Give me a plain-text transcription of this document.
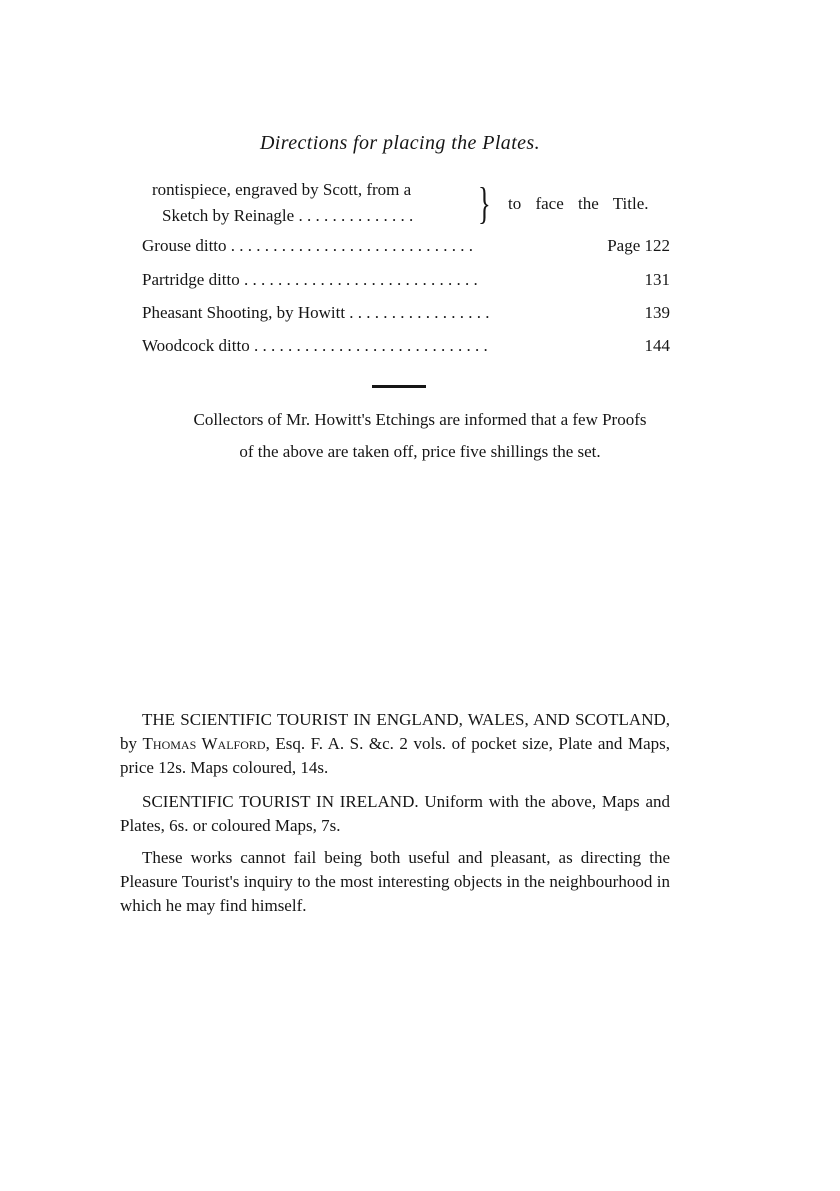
Directions for placing the Plates.
rontispiece, engraved by Scott, from a
Sketch by Reinagle . . . . . . . . . . . . . . } to face the Title.
Grouse ditto . . . . . . . . . . . . . . . . . . . . . . . . . . . . .	Page 122
Partridge ditto . . . . . . . . . . . . . . . . . . . . . . . . . . . .	131
Pheasant Shooting, by Howitt . . . . . . . . . . . . . . . . .	139
Woodcock ditto . . . . . . . . . . . . . . . . . . . . . . . . . . . .	144
Collectors of Mr. Howitt's Etchings are informed that a few Proofs
of the above are taken off, price five shillings the set.
THE SCIENTIFIC TOURIST IN ENGLAND, WALES, AND SCOTLAND, by Thomas Walford, Esq. F. A. S. &c. 2 vols. of pocket size, Plate and Maps, price 12s. Maps coloured, 14s.
SCIENTIFIC TOURIST IN IRELAND. Uniform with the above, Maps and Plates, 6s. or coloured Maps, 7s.
These works cannot fail being both useful and pleasant, as directing the Pleasure Tourist's inquiry to the most interesting objects in the neighbourhood in which he may find himself.
